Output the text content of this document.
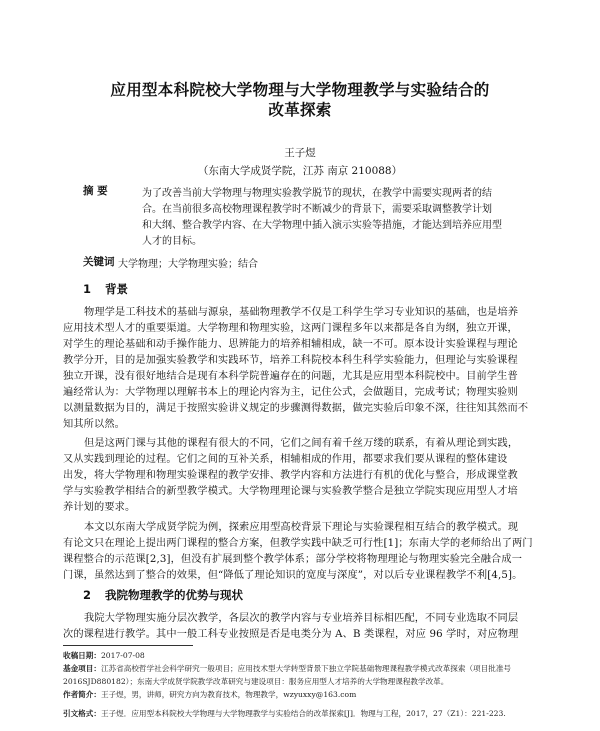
应用型本科院校大学物理与大学物理教学与实验结合的
改革探索
王子煜
（东南大学成贤学院，江苏 南京 210088）
摘 要	为了改善当前大学物理与物理实验教学脱节的现状，在教学中需要实现两者的结
合。在当前很多高校物理课程教学时不断减少的背景下，需要采取调整教学计划
和大纲、整合教学内容、在大学物理中插入演示实验等措施，才能达到培养应用型
人才的目标。
关键词 大学物理；大学物理实验；结合
1 背景
物理学是工科技术的基础与源泉，基础物理教学不仅是工科学生学习专业知识的基础，也是培养
应用技术型人才的重要渠道。大学物理和物理实验，这两门课程多年以来都是各自为纲，独立开课，
对学生的理论基础和动手操作能力、思辨能力的培养相辅相成，缺一不可。原本设计实验课程与理论
教学分开，目的是加强实验教学和实践环节，培养工科院校本科生科学实验能力，但理论与实验课程
独立开课，没有很好地结合是现有本科学院普遍存在的问题，尤其是应用型本科院校中。目前学生普
遍经常认为：大学物理以理解书本上的理论内容为主，记住公式，会做题目，完成考试；物理实验则
以测量数据为目的，满足于按照实验讲义规定的步骤测得数据，做完实验后印象不深，往往知其然而不
知其所以然。
但是这两门课与其他的课程有很大的不同，它们之间有着千丝万缕的联系，有着从理论到实践，
又从实践到理论的过程。它们之间的互补关系，相辅相成的作用，都要求我们要从课程的整体建设
出发，将大学物理和物理实验课程的教学安排、教学内容和方法进行有机的优化与整合，形成课堂教
学与实验教学相结合的新型教学模式。大学物理理论课与实验教学整合是独立学院实现应用型人才培
养计划的要求。
本文以东南大学成贤学院为例，探索应用型高校背景下理论与实验课程相互结合的教学模式。现
有论文只在理论上提出两门课程的整合方案，但教学实践中缺乏可行性[1]；东南大学的老师给出了两门
课程整合的示范课[2,3]，但没有扩展到整个教学体系；部分学校将物理理论与物理实验完全融合成一
门课，虽然达到了整合的效果，但“降低了理论知识的宽度与深度”，对以后专业课程教学不利[4,5]。
2 我院物理教学的优势与现状
我院大学物理实施分层次教学，各层次的教学内容与专业培养目标相匹配，不同专业选取不同层
次的课程进行教学。其中一般工科专业按照是否是电类分为 A、B 类课程，对应 96 学时，对应物理
收稿日期：2017-07-08
基金项目：江苏省高校哲学社会科学研究一般项目；应用技术型大学转型背景下独立学院基础物理课程教学模式改革探索（项目批准号
2016SJD880182）；东南大学成贤学院教学改革研究与建设项目：服务应用型人才培养的大学物理课程教学改革。
作者简介：王子煜，男，讲师，研究方向为教育技术，物理教学，wzyuxxy@163.com
引文格式：王子煜．应用型本科院校大学物理与大学物理教学与实验结合的改革探索[J]．物理与工程，2017，27（Z1）：221-223.
